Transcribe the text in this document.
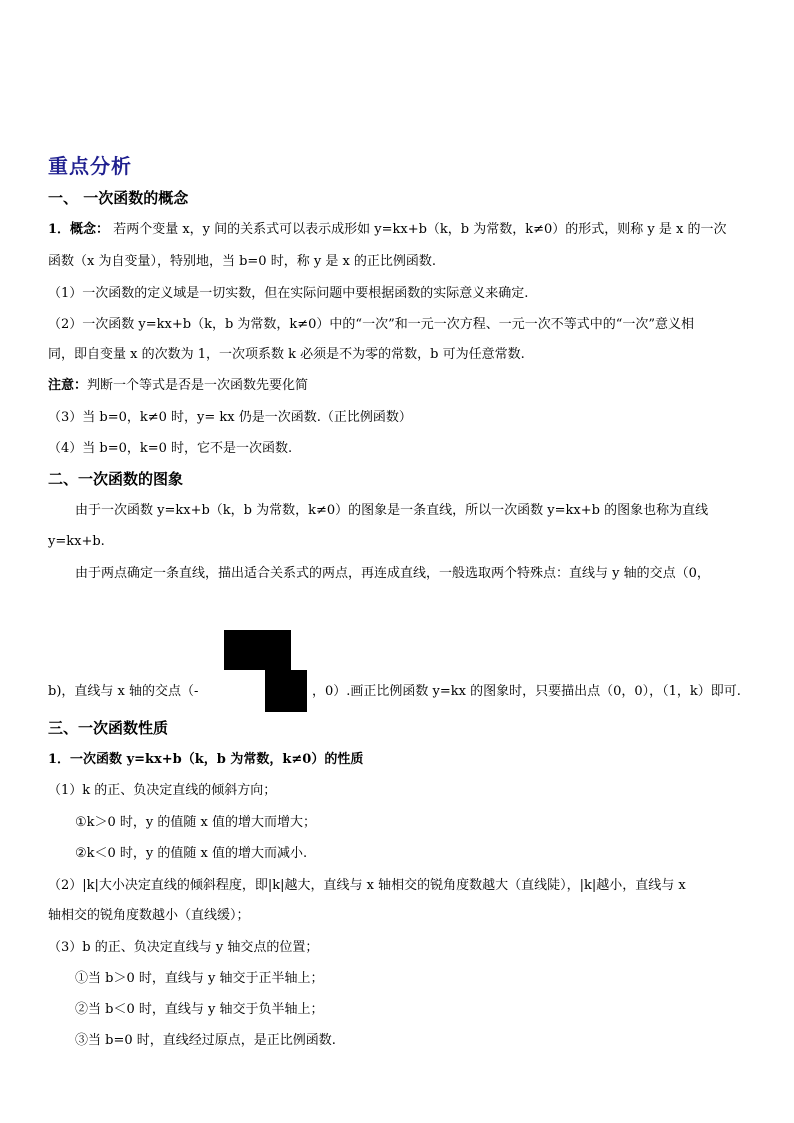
重点分析
一、 一次函数的概念
1．概念： 若两个变量 x，y 间的关系式可以表示成形如 y=kx+b（k，b 为常数，k≠0）的形式，则称 y 是 x 的一次
函数（x 为自变量），特别地，当 b=0 时，称 y 是 x 的正比例函数.
（1）一次函数的定义域是一切实数，但在实际问题中要根据函数的实际意义来确定.
（2）一次函数 y=kx+b（k，b 为常数，k≠0）中的“一次”和一元一次方程、一元一次不等式中的“一次”意义相
同，即自变量 x 的次数为 1，一次项系数 k 必须是不为零的常数，b 可为任意常数.
注意：判断一个等式是否是一次函数先要化简
（3）当 b=0，k≠0 时，y= kx 仍是一次函数.（正比例函数）
（4）当 b=0，k=0 时，它不是一次函数.
二、一次函数的图象
由于一次函数 y=kx+b（k，b 为常数，k≠0）的图象是一条直线，所以一次函数 y=kx+b 的图象也称为直线
y=kx+b.
由于两点确定一条直线，描出适合关系式的两点，再连成直线，一般选取两个特殊点：直线与 y 轴的交点（0，
b)，直线与 x 轴的交点（-	，0）.画正比例函数 y=kx 的图象时，只要描出点（0，0），（1，k）即可.
三、一次函数性质
1．一次函数 y=kx+b（k，b 为常数，k≠0）的性质
（1）k 的正、负决定直线的倾斜方向；
①k＞0 时，y 的值随 x 值的增大而增大；
②k＜0 时，y 的值随 x 值的增大而减小.
（2）|k|大小决定直线的倾斜程度，即|k|越大，直线与 x 轴相交的锐角度数越大（直线陡），|k|越小，直线与 x
轴相交的锐角度数越小（直线缓）；
（3）b 的正、负决定直线与 y 轴交点的位置；
①当 b＞0 时，直线与 y 轴交于正半轴上；
②当 b＜0 时，直线与 y 轴交于负半轴上；
③当 b=0 时，直线经过原点，是正比例函数.
